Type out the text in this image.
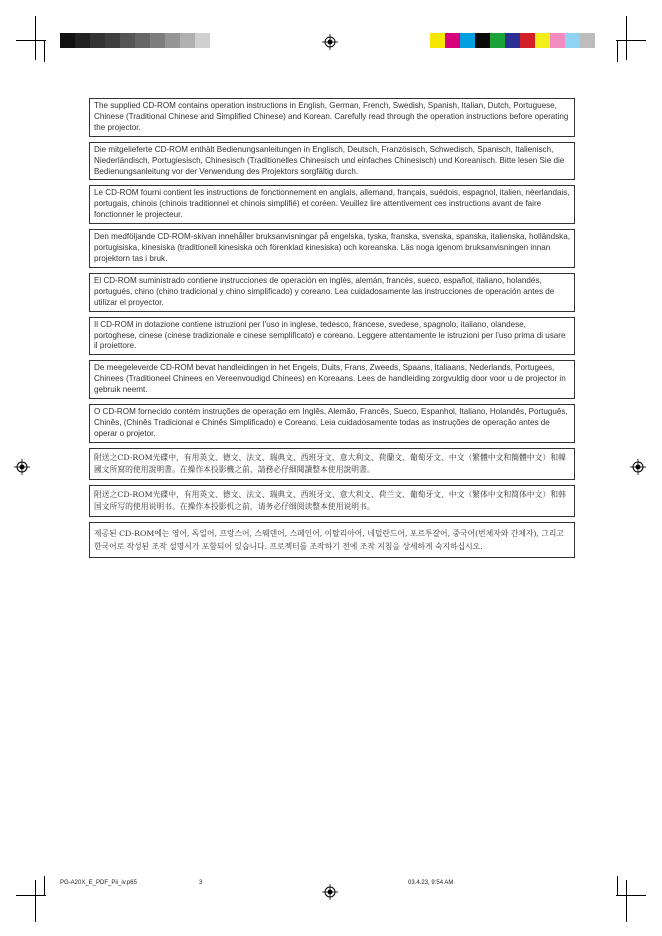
The supplied CD-ROM contains operation instructions in English, German, French, Swedish, Spanish, Italian, Dutch, Portuguese, Chinese (Traditional Chinese and Simplified Chinese) and Korean. Carefully read through the operation instructions before operating the projector.
Die mitgelieferte CD-ROM enthält Bedienungsanleitungen in Englisch, Deutsch, Französisch, Schwedisch, Spanisch, Italienisch, Niederländisch, Portugiesisch, Chinesisch (Traditionelles Chinesisch und einfaches Chinesisch) und Koreanisch. Bitte lesen Sie die Bedienungsanleitung vor der Verwendung des Projektors sorgfältig durch.
Le CD-ROM fourni contient les instructions de fonctionnement en anglais, allemand, français, suédois, espagnol, italien, néerlandais, portugais, chinois (chinois traditionnel et chinois simplifié) et coréen. Veuillez lire attentivement ces instructions avant de faire fonctionner le projecteur.
Den medföljande CD-ROM-skivan innehåller bruksanvisningar på engelska, tyska, franska, svenska, spanska, italienska, holländska, portugisiska, kinesiska (traditionell kinesiska och förenklad kinesiska) och koreanska. Läs noga igenom bruksanvisningen innan projektorn tas i bruk.
El CD-ROM suministrado contiene instrucciones de operación en inglés, alemán, francés, sueco, español, italiano, holandés, portugués, chino (chino tradicional y chino simplificado) y coreano. Lea cuidadosamente las instrucciones de operación antes de utilizar el proyector.
Il CD-ROM in dotazione contiene istruzioni per l’uso in inglese, tedesco, francese, svedese, spagnolo, italiano, olandese, portoghese, cinese (cinese tradizionale e cinese semplificato) e coreano. Leggere attentamente le istruzioni per l’uso prima di usare il proiettore.
De meegeleverde CD-ROM bevat handleidingen in het Engels, Duits, Frans, Zweeds, Spaans, Italiaans, Nederlands, Portugees, Chinees (Traditioneel Chinees en Vereenvoudigd Chinees) en Koreaans. Lees de handleiding zorgvuldig door voor u de projector in gebruik neemt.
O CD-ROM fornecido contém instruções de operação em Inglês, Alemão, Francês, Sueco, Espanhol, Italiano, Holandês, Português, Chinês, (Chinês Tradicional e Chinês Simplificado) e Coreano. Leia cuidadosamente todas as instruções de operação antes de operar o projetor.
附送之CD-ROM光碟中，有用英文、德文、法文、瑞典文、西班牙文、意大利文、荷蘭文、葡萄牙文、中文（繁體中文和簡體中文）和韓國文所寫的使用說明書。在操作本投影機之前，請務必仔細閱讀整本使用說明書。
附送之CD-ROM光碟中，有用英文、德文、法文、瑞典文、西班牙文、意大利文、荷兰文、葡萄牙文、中文（繁体中文和简体中文）和韩国文所写的使用说明书。在操作本投影机之前，请务必仔细阅读整本使用说明书。
제공된 CD-ROM에는 영어, 독일어, 프랑스어, 스웨덴어, 스페인어, 이탈리아어, 네덜란드어, 포르투갈어, 중국어(번체자와 간체자), 그리고 한국어로 작성된 조작 설명서가 포함되어 있습니다. 프로젝터를 조작하기 전에 조작 지침을 상세하게 숙지하십시오.
PG-A20X_E_PDF_Pii_iv.p65	3	03.4.23, 9:54 AM
